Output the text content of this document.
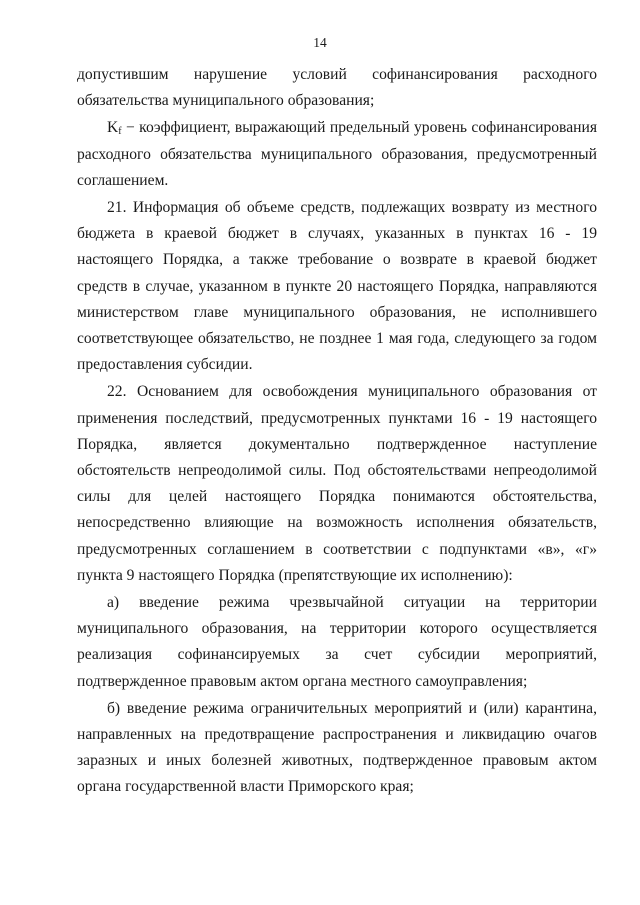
14

допустившим нарушение условий софинансирования расходного обязательства муниципального образования;

$K_f$ − коэффициент, выражающий предельный уровень софинансирования расходного обязательства муниципального образования, предусмотренный соглашением.

21. Информация об объеме средств, подлежащих возврату из местного бюджета в краевой бюджет в случаях, указанных в пунктах 16 - 19 настоящего Порядка, а также требование о возврате в краевой бюджет средств в случае, указанном в пункте 20 настоящего Порядка, направляются министерством главе муниципального образования, не исполнившего соответствующее обязательство, не позднее 1 мая года, следующего за годом предоставления субсидии.

22. Основанием для освобождения муниципального образования от применения последствий, предусмотренных пунктами 16 - 19 настоящего Порядка, является документально подтвержденное наступление обстоятельств непреодолимой силы. Под обстоятельствами непреодолимой силы для целей настоящего Порядка понимаются обстоятельства, непосредственно влияющие на возможность исполнения обязательств, предусмотренных соглашением в соответствии с подпунктами «в», «г» пункта 9 настоящего Порядка (препятствующие их исполнению):

а) введение режима чрезвычайной ситуации на территории муниципального образования, на территории которого осуществляется реализация софинансируемых за счет субсидии мероприятий, подтвержденное правовым актом органа местного самоуправления;

б) введение режима ограничительных мероприятий и (или) карантина, направленных на предотвращение распространения и ликвидацию очагов заразных и иных болезней животных, подтвержденное правовым актом органа государственной власти Приморского края;
